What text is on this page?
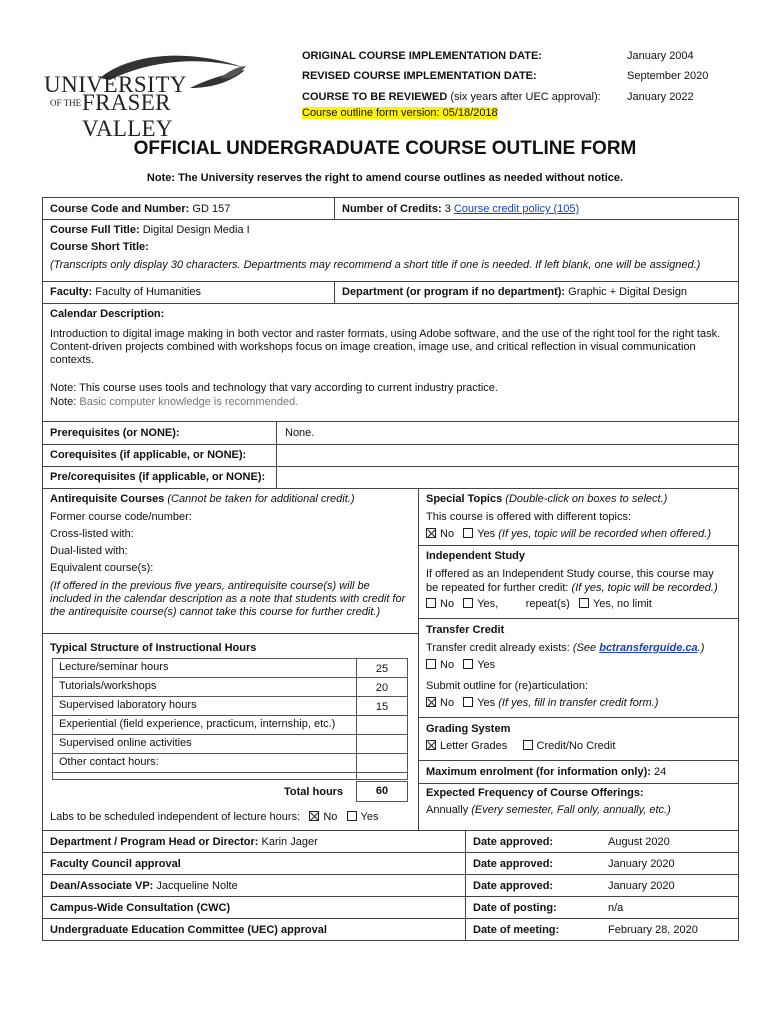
UNIVERSITY
OF THE FRASER VALLEY
ORIGINAL COURSE IMPLEMENTATION DATE:	January 2004
REVISED COURSE IMPLEMENTATION DATE:	September 2020
COURSE TO BE REVIEWED (six years after UEC approval): January 2022
Course outline form version: 05/18/2018
OFFICIAL UNDERGRADUATE COURSE OUTLINE FORM
Note: The University reserves the right to amend course outlines as needed without notice.
Course Code and Number: GD 157	Number of Credits: 3 Course credit policy (105)
Course Full Title: Digital Design Media I
Course Short Title:
(Transcripts only display 30 characters. Departments may recommend a short title if one is needed. If left blank, one will be assigned.)
Faculty: Faculty of Humanities	Department (or program if no department): Graphic + Digital Design
Calendar Description:
Introduction to digital image making in both vector and raster formats, using Adobe software, and the use of the right tool for the right task. Content-driven projects combined with workshops focus on image creation, image use, and critical reflection in visual communication contexts.
Note: This course uses tools and technology that vary according to current industry practice.
Note: Basic computer knowledge is recommended.
Prerequisites (or NONE):	None.
Corequisites (if applicable, or NONE):
Pre/corequisites (if applicable, or NONE):
Antirequisite Courses (Cannot be taken for additional credit.)
Former course code/number:
Cross-listed with:
Dual-listed with:
Equivalent course(s):
(If offered in the previous five years, antirequisite course(s) will be included in the calendar description as a note that students with credit for the antirequisite course(s) cannot take this course for further credit.)
Special Topics (Double-click on boxes to select.)
This course is offered with different topics:
No Yes (If yes, topic will be recorded when offered.)
Independent Study
If offered as an Independent Study course, this course may
be repeated for further credit: (If yes, topic will be recorded.)
No Yes,	repeat(s) Yes, no limit
Transfer Credit
Transfer credit already exists: (See bctransferguide.ca.)
No Yes
Submit outline for (re)articulation:
No Yes (If yes, fill in transfer credit form.)
Grading System
Letter Grades	Credit/No Credit
Maximum enrolment (for information only): 24
Expected Frequency of Course Offerings:
Annually (Every semester, Fall only, annually, etc.)
Typical Structure of Instructional Hours
Lecture/seminar hours	25
Tutorials/workshops	20
Supervised laboratory hours	15
Experiential (field experience, practicum, internship, etc.)
Supervised online activities
Other contact hours:
Total hours	60
Labs to be scheduled independent of lecture hours: No Yes
Department / Program Head or Director: Karin Jager	Date approved:	August 2020
Faculty Council approval	Date approved:	January 2020
Dean/Associate VP: Jacqueline Nolte	Date approved:	January 2020
Campus-Wide Consultation (CWC)	Date of posting:	n/a
Undergraduate Education Committee (UEC) approval	Date of meeting:	February 28, 2020
